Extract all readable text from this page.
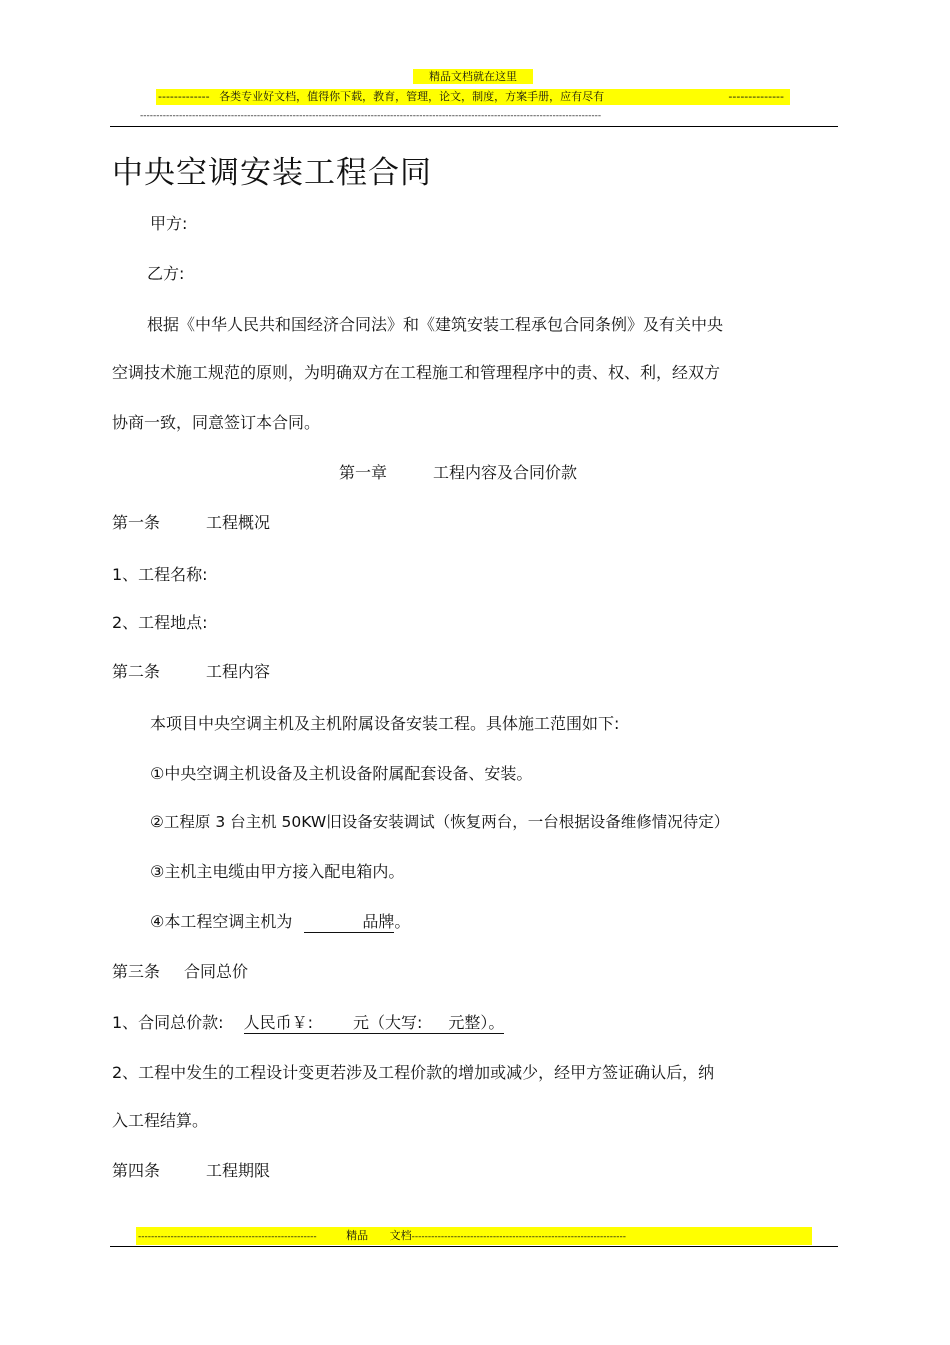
精品文档就在这里
------------- 各类专业好文档，值得你下载，教育，管理，论文，制度，方案手册，应有尽有	--------------
----------------------------------------------------------------------------------------------------------------------------------------------
中央空调安装工程合同
甲方:
乙方:
根据《中华人民共和国经济合同法》和《建筑安装工程承包合同条例》及有关中央
空调技术施工规范的原则，为明确双方在工程施工和管理程序中的责、权、利，经双方
协商一致，同意签订本合同。
第一章	工程内容及合同价款
第一条	工程概况
1、工程名称:
2、工程地点:
第二条	工程内容
本项目中央空调主机及主机附属设备安装工程。具体施工范围如下:
①中央空调主机设备及主机设备附属配套设备、安装。
②工程原 3 台主机 50KW旧设备安装调试（恢复两台，一台根据设备维修情况待定）
③主机主电缆由甲方接入配电箱内。
④本工程空调主机为	品牌。
第三条 合同总价
1、合同总价款: 人民币￥:	元（大写: 元整）。
2、工程中发生的工程设计变更若涉及工程价款的增加或减少，经甲方签证确认后，纳
入工程结算。
第四条	工程期限
-------------------------------------------------------	精品 文档------------------------------------------------------------------
